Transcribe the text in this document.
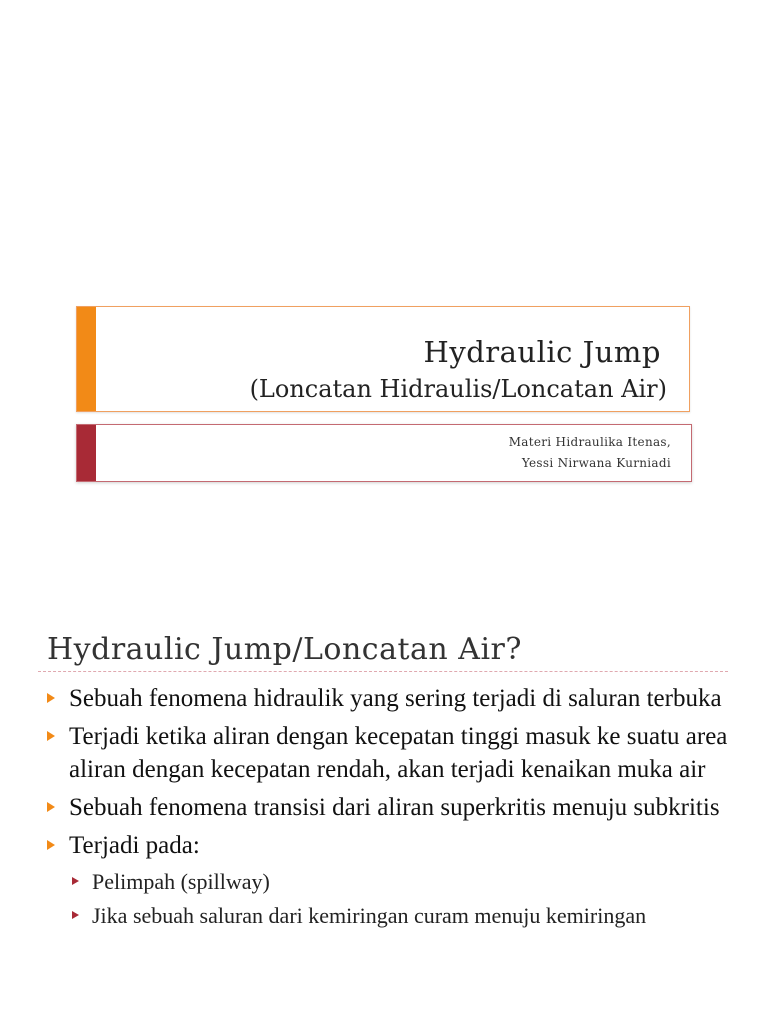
Hydraulic Jump
(Loncatan Hidraulis/Loncatan Air)
Materi Hidraulika Itenas,
Yessi Nirwana Kurniadi
Hydraulic Jump/Loncatan Air?
Sebuah fenomena hidraulik yang sering terjadi di saluran terbuka
Terjadi ketika aliran dengan kecepatan tinggi masuk ke suatu area aliran dengan kecepatan rendah, akan terjadi kenaikan muka air
Sebuah fenomena transisi dari aliran superkritis menuju subkritis
Terjadi pada:
Pelimpah (spillway)
Jika sebuah saluran dari kemiringan curam menuju kemiringan
